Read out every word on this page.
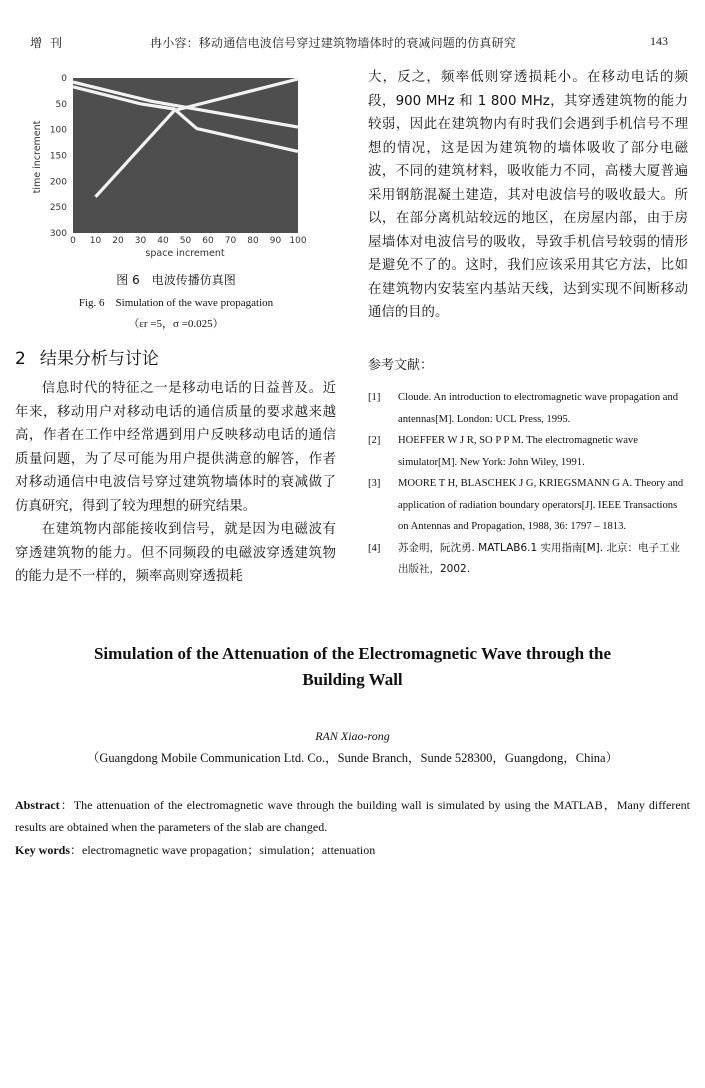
增刊	冉小容：移动通信电波信号穿过建筑物墙体时的衰减问题的仿真研究	143
0
50
100
150
200
250
300
0 10 20 30 40 50 60 70 80 90 100
space increment
time increment
图 6　电波传播仿真图
Fig. 6　Simulation of the wave propagation
（εr =5，σ =0.025）
2 结果分析与讨论

信息时代的特征之一是移动电话的日益普及。近年来，移动用户对移动电话的通信质量的要求越来越高，作者在工作中经常遇到用户反映移动电话的通信质量问题，为了尽可能为用户提供满意的解答，作者对移动通信中电波信号穿过建筑物墙体时的衰减做了仿真研究，得到了较为理想的研究结果。

在建筑物内部能接收到信号，就是因为电磁波有穿透建筑物的能力。但不同频段的电磁波穿透建筑物的能力是不一样的，频率高则穿透损耗

大，反之，频率低则穿透损耗小。在移动电话的频段，900 MHz 和 1 800 MHz，其穿透建筑物的能力较弱，因此在建筑物内有时我们会遇到手机信号不理想的情况，这是因为建筑物的墙体吸收了部分电磁波，不同的建筑材料，吸收能力不同，高楼大厦普遍采用钢筋混凝土建造，其对电波信号的吸收最大。所以，在部分离机站较远的地区，在房屋内部，由于房屋墙体对电波信号的吸收，导致手机信号较弱的情形是避免不了的。这时，我们应该采用其它方法，比如在建筑物内安装室内基站天线，达到实现不间断移动通信的目的。

参考文献：
[1]	Cloude. An introduction to electromagnetic wave propagation and antennas[M]. London: UCL Press, 1995.
[2]	HOEFFER W J R, SO P P M. The electromagnetic wave simulator[M]. New York: John Wiley, 1991.
[3]	MOORE T H, BLASCHEK J G, KRIEGSMANN G A. Theory and application of radiation boundary operators[J]. IEEE Transactions on Antennas and Propagation, 1988, 36: 1797 – 1813.
[4]	苏金明，阮沈勇. MATLAB6.1 实用指南[M]. 北京：电子工业出版社，2002.
Simulation of the Attenuation of the Electromagnetic Wave through the Building Wall
RAN Xiao-rong
（Guangdong Mobile Communication Ltd. Co.，Sunde Branch，Sunde 528300，Guangdong，China）
Abstract：The attenuation of the electromagnetic wave through the building wall is simulated by using the MATLAB，Many different results are obtained when the parameters of the slab are changed.
Key words：electromagnetic wave propagation；simulation；attenuation
